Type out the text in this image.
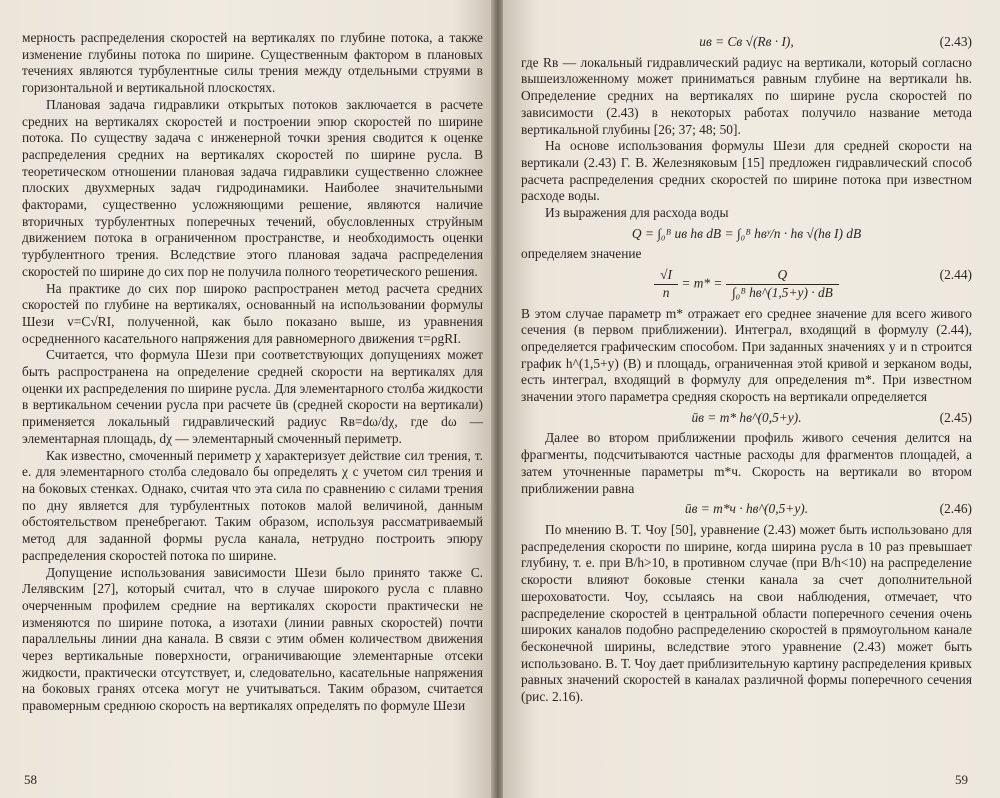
мерность распределения скоростей на вертикалях по глубине потока, а также изменение глубины потока по ширине. Существенным фактором в плановых течениях являются турбулентные силы трения между отдельными струями в горизонтальной и вертикальной плоскостях.

Плановая задача гидравлики открытых потоков заключается в расчете средних на вертикалях скоростей и построении эпюр скоростей по ширине потока. По существу задача с инженерной точки зрения сводится к оценке распределения средних на вертикалях скоростей по ширине русла. В теоретическом отношении плановая задача гидравлики существенно сложнее плоских двухмерных задач гидродинамики. Наиболее значительными факторами, существенно усложняющими решение, являются наличие вторичных турбулентных поперечных течений, обусловленных струйным движением потока в ограниченном пространстве, и необходимость оценки турбулентного трения. Вследствие этого плановая задача распределения скоростей по ширине до сих пор не получила полного теоретического решения.

На практике до сих пор широко распространен метод расчета средних скоростей по глубине на вертикалях, основанный на использовании формулы Шези v=C√RI, полученной, как было показано выше, из уравнения осредненного касательного напряжения для равномерного движения τ=ρgRI.

Считается, что формула Шези при соответствующих допущениях может быть распространена на определение средней скорости на вертикалях для оценки их распределения по ширине русла. Для элементарного столба жидкости в вертикальном сечении русла при расчете ūв (средней скорости на вертикали) применяется локальный гидравлический радиус Rв=dω/dχ, где dω — элементарная площадь, dχ — элементарный смоченный периметр.

Как известно, смоченный периметр χ характеризует действие сил трения, т. е. для элементарного столба следовало бы определять χ с учетом сил трения и на боковых стенках. Однако, считая что эта сила по сравнению с силами трения по дну является для турбулентных потоков малой величиной, данным обстоятельством пренебрегают. Таким образом, используя рассматриваемый метод для заданной формы русла канала, нетрудно построить эпюру распределения скоростей потока по ширине.

Допущение использования зависимости Шези было принято также С. Лелявским [27], который считал, что в случае широкого русла с плавно очерченным профилем средние на вертикалях скорости практически не изменяются по ширине потока, а изотахи (линии равных скоростей) почти параллельны линии дна канала. В связи с этим обмен количеством движения через вертикальные поверхности, ограничивающие элементарные отсеки жидкости, практически отсутствует, и, следовательно, касательные напряжения на боковых гранях отсека могут не учитываться. Таким образом, считается правомерным среднюю скорость на вертикалях определять по формуле Шези

58
uв = Cв √(Rв · I),	(2.43)

где Rв — локальный гидравлический радиус на вертикали, который согласно вышеизложенному может приниматься равным глубине на вертикали hв. Определение средних на вертикалях по ширине русла скоростей по зависимости (2.43) в некоторых работах получило название метода вертикальной глубины [26; 37; 48; 50].

На основе использования формулы Шези для средней скорости на вертикали (2.43) Г. В. Железняковым [15] предложен гидравлический способ расчета распределения средних скоростей по ширине потока при известном расходе воды.

Из выражения для расхода воды

Q = ∫₀ᴮ uв hв dB = ∫₀ᴮ hвʸ/n · hв √(hв I) dB

определяем значение

$\frac{√I}{n} = m* = \frac{Q}{\text{∫₀ᴮ hв\textasciicircum{}(1,5+y) · dB}}$	(2.44)

В этом случае параметр m* отражает его среднее значение для всего живого сечения (в первом приближении). Интеграл, входящий в формулу (2.44), определяется графическим способом. При заданных значениях y и n строится график h^(1,5+y) (B) и площадь, ограниченная этой кривой и зерканом воды, есть интеграл, входящий в формулу для определения m*. При известном значении этого параметра средняя скорость на вертикали определяется

ūв = m* hв^(0,5+y).	(2.45)

Далее во втором приближении профиль живого сечения делится на фрагменты, подсчитываются частные расходы для фрагментов площадей, а затем уточненные параметры m*ч. Скорость на вертикали во втором приближении равна

ūв = m*ч · hв^(0,5+y).	(2.46)

По мнению В. Т. Чоу [50], уравнение (2.43) может быть использовано для распределения скорости по ширине, когда ширина русла в 10 раз превышает глубину, т. е. при B/h>10, в противном случае (при B/h<10) на распределение скорости влияют боковые стенки канала за счет дополнительной шероховатости. Чоу, ссылаясь на свои наблюдения, отмечает, что распределение скоростей в центральной области поперечного сечения очень широких каналов подобно распределению скоростей в прямоугольном канале бесконечной ширины, вследствие этого уравнение (2.43) может быть использовано. В. Т. Чоу дает приблизительную картину распределения кривых равных значений скоростей в каналах различной формы поперечного сечения (рис. 2.16).

59
